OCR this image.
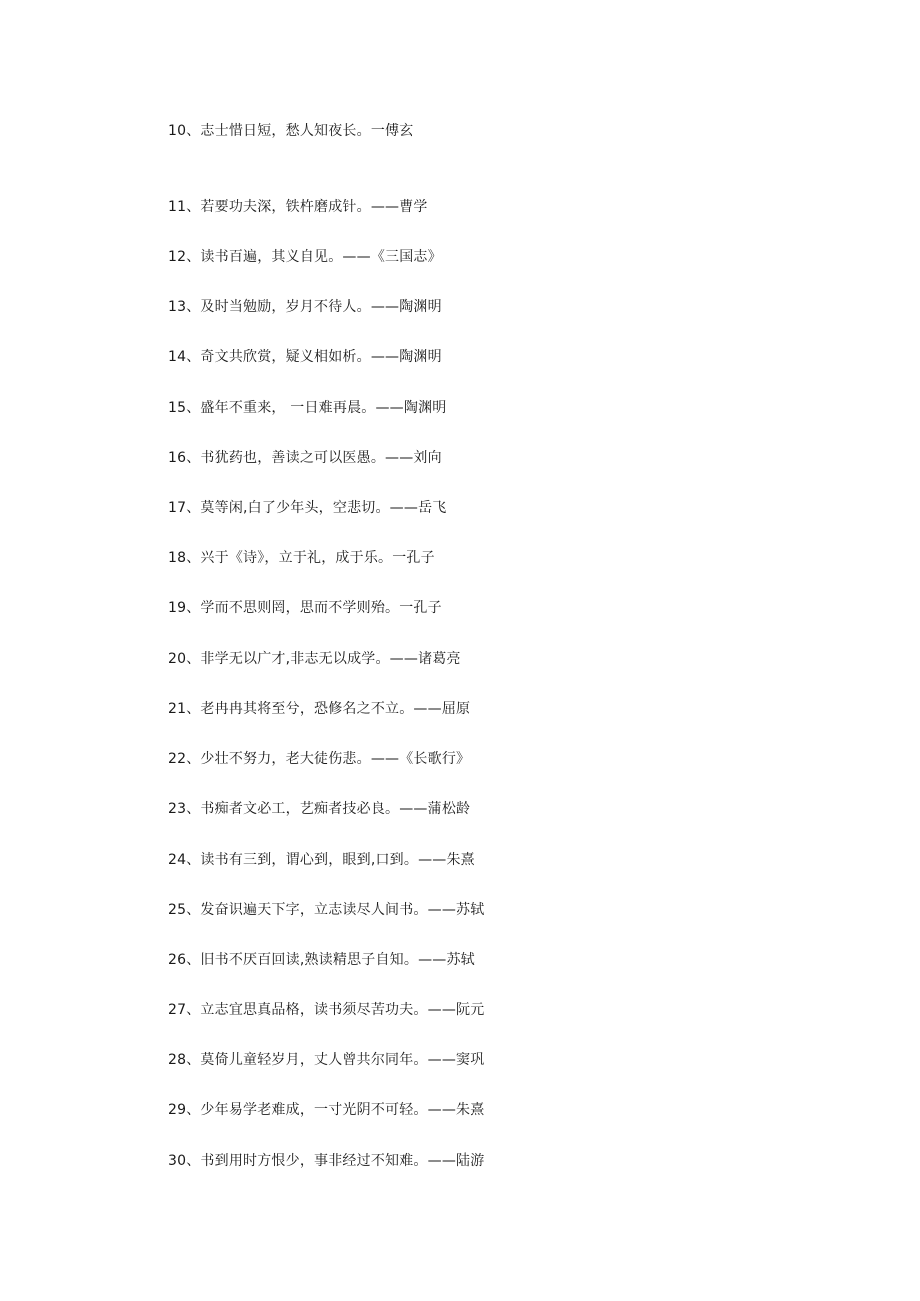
10、志士惜日短，愁人知夜长。一傅玄
11、若要功夫深，铁杵磨成针。——曹学
12、读书百遍，其义自见。——《三国志》
13、及时当勉励，岁月不待人。——陶渊明
14、奇文共欣赏，疑义相如析。——陶渊明
15、盛年不重来， 一日难再晨。——陶渊明
16、书犹药也，善读之可以医愚。——刘向
17、莫等闲,白了少年头，空悲切。——岳飞
18、兴于《诗》，立于礼，成于乐。一孔子
19、学而不思则罔，思而不学则殆。一孔子
20、非学无以广才,非志无以成学。——诸葛亮
21、老冉冉其将至兮，恐修名之不立。——屈原
22、少壮不努力，老大徒伤悲。——《长歌行》
23、书痴者文必工，艺痴者技必良。——蒲松龄
24、读书有三到，谓心到，眼到,口到。——朱熹
25、发奋识遍天下字，立志读尽人间书。——苏轼
26、旧书不厌百回读,熟读精思子自知。——苏轼
27、立志宜思真品格，读书须尽苦功夫。——阮元
28、莫倚儿童轻岁月，丈人曾共尔同年。——窦巩
29、少年易学老难成，一寸光阴不可轻。——朱熹
30、书到用时方恨少，事非经过不知难。——陆游
